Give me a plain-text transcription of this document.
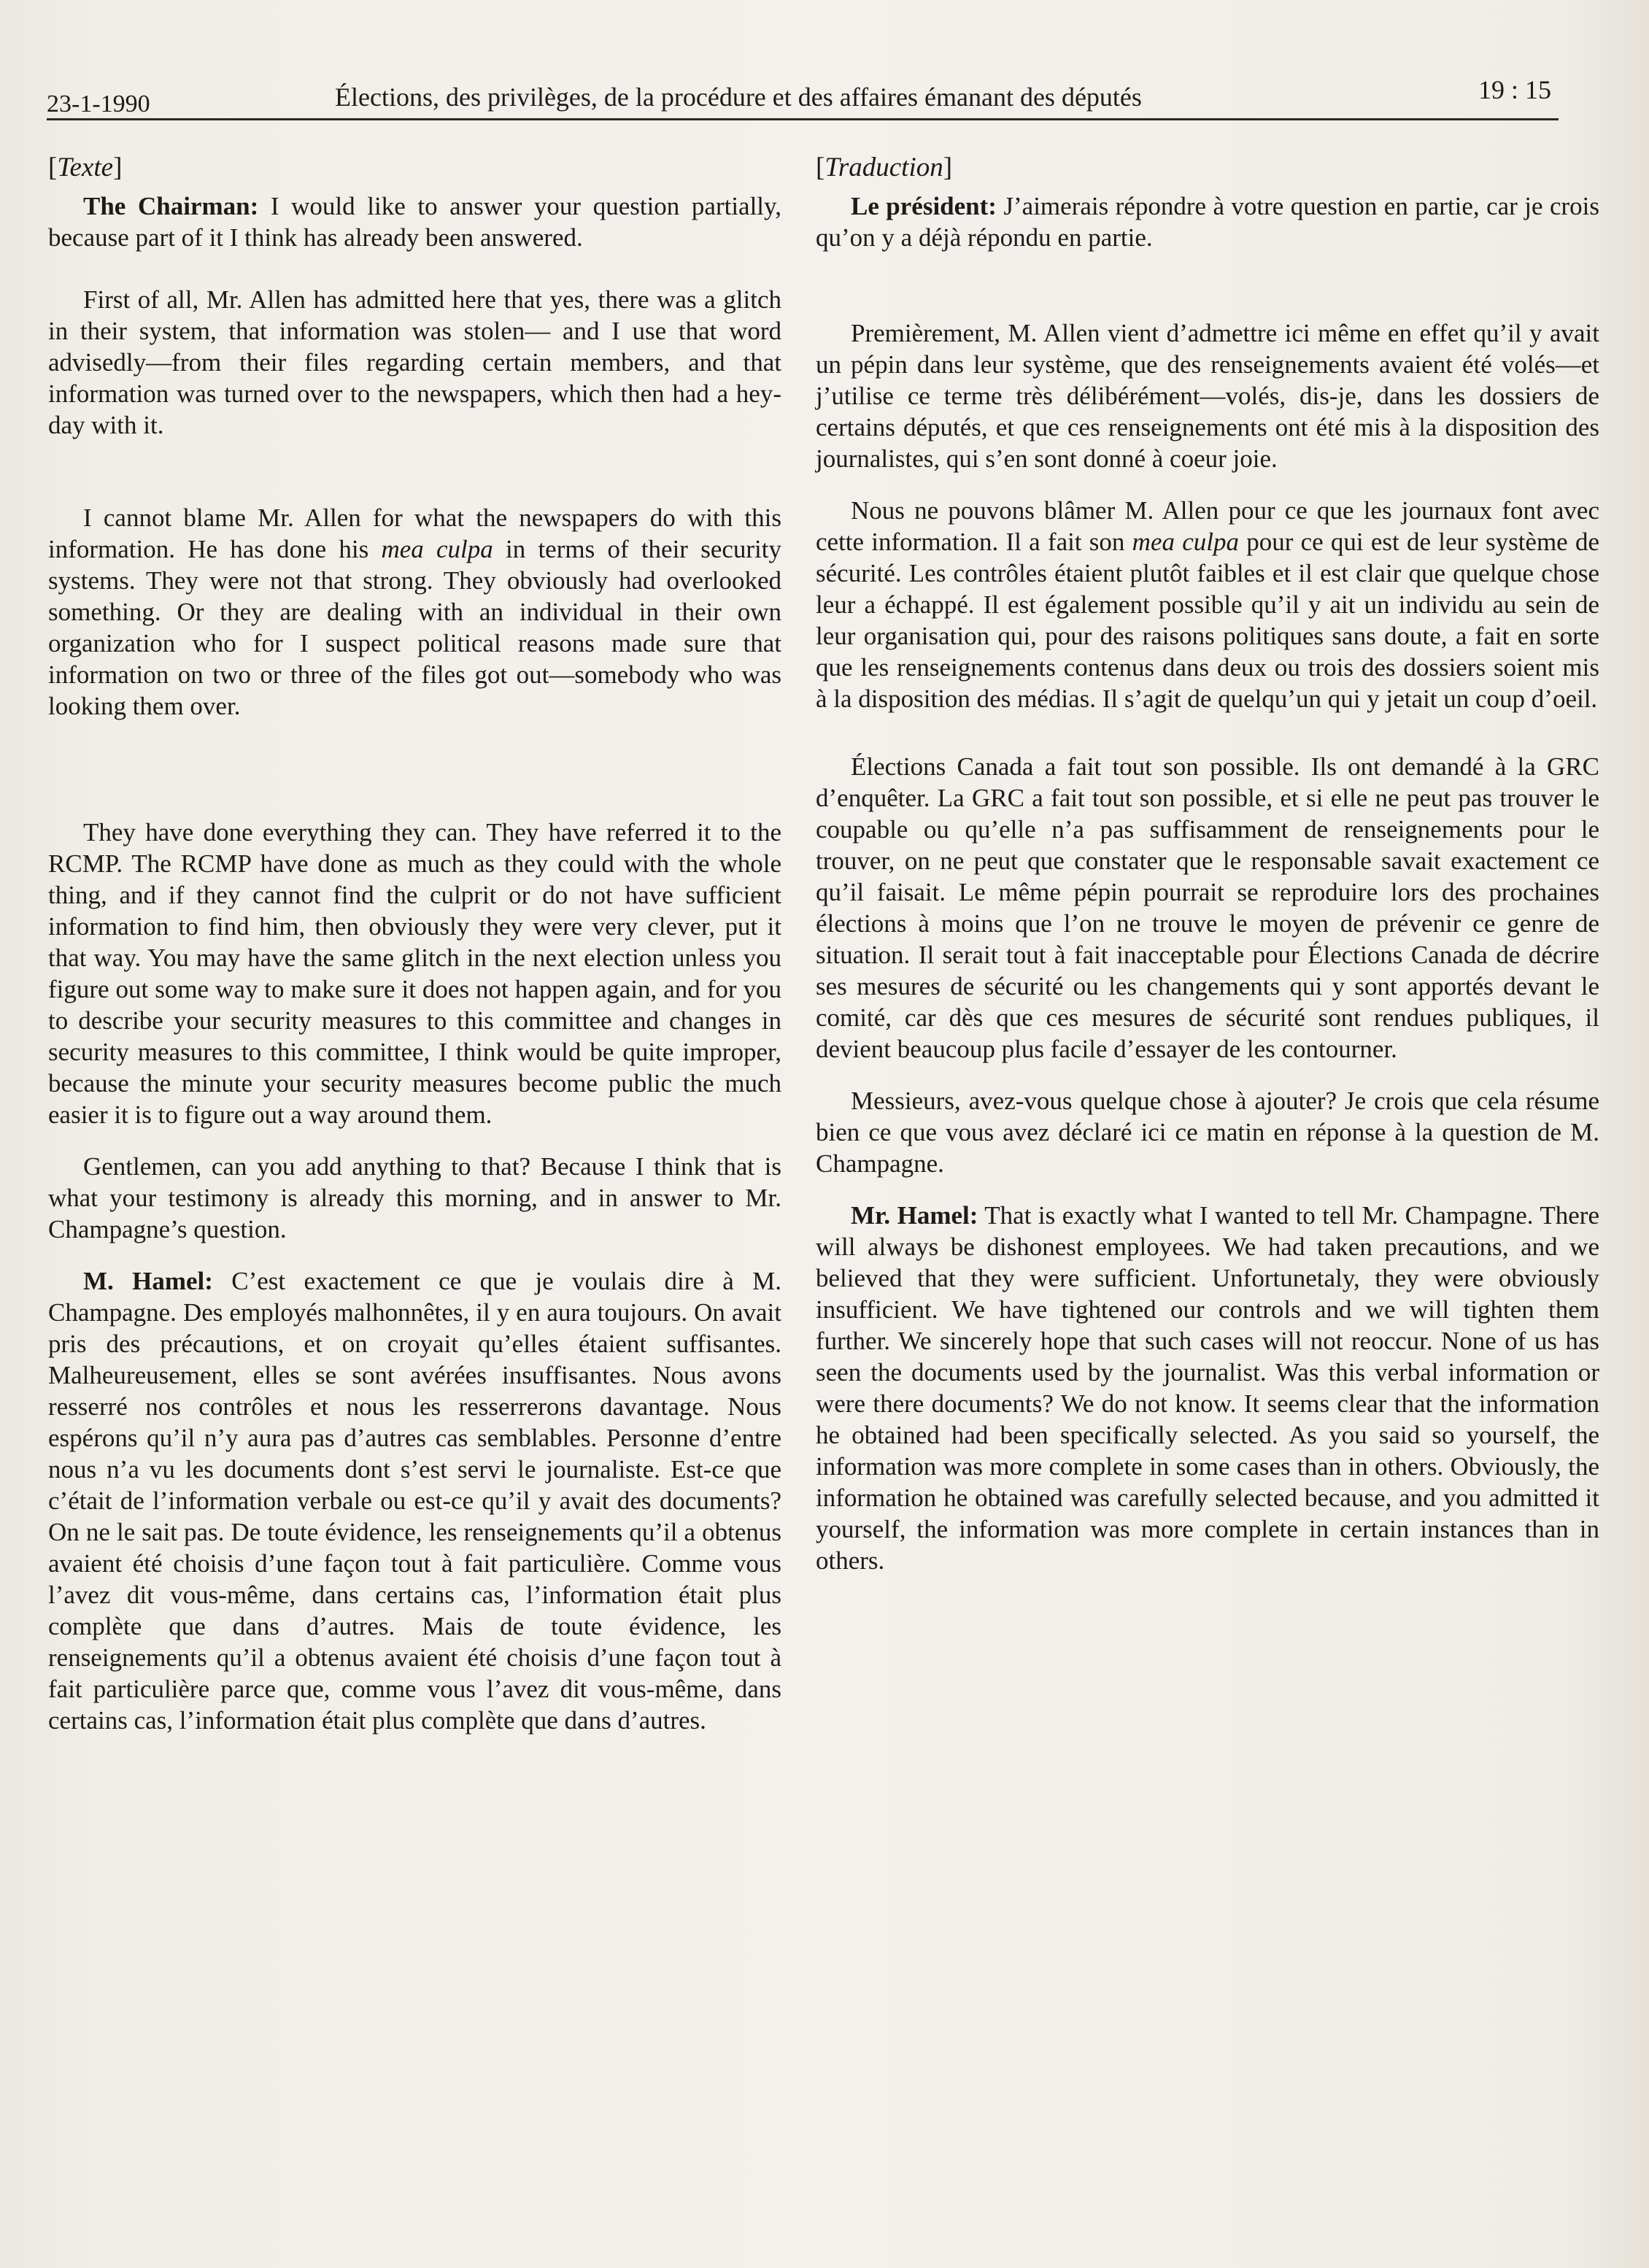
23-1-1990	Élections, des privilèges, de la procédure et des affaires émanant des députés	19 : 15
[Texte]

The Chairman: I would like to answer your question partially, because part of it I think has already been answered.

First of all, Mr. Allen has admitted here that yes, there was a glitch in their system, that information was stolen— and I use that word advisedly—from their files regarding certain members, and that information was turned over to the newspapers, which then had a hey-day with it.

I cannot blame Mr. Allen for what the newspapers do with this information. He has done his mea culpa in terms of their security systems. They were not that strong. They obviously had overlooked something. Or they are dealing with an individual in their own organization who for I suspect political reasons made sure that information on two or three of the files got out—somebody who was looking them over.

They have done everything they can. They have referred it to the RCMP. The RCMP have done as much as they could with the whole thing, and if they cannot find the culprit or do not have sufficient information to find him, then obviously they were very clever, put it that way. You may have the same glitch in the next election unless you figure out some way to make sure it does not happen again, and for you to describe your security measures to this committee and changes in security measures to this committee, I think would be quite improper, because the minute your security measures become public the much easier it is to figure out a way around them.

Gentlemen, can you add anything to that? Because I think that is what your testimony is already this morning, and in answer to Mr. Champagne’s question.

M. Hamel: C’est exactement ce que je voulais dire à M. Champagne. Des employés malhonnêtes, il y en aura toujours. On avait pris des précautions, et on croyait qu’elles étaient suffisantes. Malheureusement, elles se sont avérées insuffisantes. Nous avons resserré nos contrôles et nous les resserrerons davantage. Nous espérons qu’il n’y aura pas d’autres cas semblables. Personne d’entre nous n’a vu les documents dont s’est servi le journaliste. Est-ce que c’était de l’information verbale ou est-ce qu’il y avait des documents? On ne le sait pas. De toute évidence, les renseignements qu’il a obtenus avaient été choisis d’une façon tout à fait particulière. Comme vous l’avez dit vous-même, dans certains cas, l’information était plus complète que dans d’autres. Mais de toute évidence, les renseignements qu’il a obtenus avaient été choisis d’une façon tout à fait particulière parce que, comme vous l’avez dit vous-même, dans certains cas, l’information était plus complète que dans d’autres.

[Traduction]

Le président: J’aimerais répondre à votre question en partie, car je crois qu’on y a déjà répondu en partie.

Premièrement, M. Allen vient d’admettre ici même en effet qu’il y avait un pépin dans leur système, que des renseignements avaient été volés—et j’utilise ce terme très délibérément—volés, dis-je, dans les dossiers de certains députés, et que ces renseignements ont été mis à la disposition des journalistes, qui s’en sont donné à coeur joie.

Nous ne pouvons blâmer M. Allen pour ce que les journaux font avec cette information. Il a fait son mea culpa pour ce qui est de leur système de sécurité. Les contrôles étaient plutôt faibles et il est clair que quelque chose leur a échappé. Il est également possible qu’il y ait un individu au sein de leur organisation qui, pour des raisons politiques sans doute, a fait en sorte que les renseignements contenus dans deux ou trois des dossiers soient mis à la disposition des médias. Il s’agit de quelqu’un qui y jetait un coup d’oeil.

Élections Canada a fait tout son possible. Ils ont demandé à la GRC d’enquêter. La GRC a fait tout son possible, et si elle ne peut pas trouver le coupable ou qu’elle n’a pas suffisamment de renseignements pour le trouver, on ne peut que constater que le responsable savait exactement ce qu’il faisait. Le même pépin pourrait se reproduire lors des prochaines élections à moins que l’on ne trouve le moyen de prévenir ce genre de situation. Il serait tout à fait inacceptable pour Élections Canada de décrire ses mesures de sécurité ou les changements qui y sont apportés devant le comité, car dès que ces mesures de sécurité sont rendues publiques, il devient beaucoup plus facile d’essayer de les contourner.

Messieurs, avez-vous quelque chose à ajouter? Je crois que cela résume bien ce que vous avez déclaré ici ce matin en réponse à la question de M. Champagne.

Mr. Hamel: That is exactly what I wanted to tell Mr. Champagne. There will always be dishonest employees. We had taken precautions, and we believed that they were sufficient. Unfortunetaly, they were obviously insufficient. We have tightened our controls and we will tighten them further. We sincerely hope that such cases will not reoccur. None of us has seen the documents used by the journalist. Was this verbal information or were there documents? We do not know. It seems clear that the information he obtained had been specifically selected. As you said so yourself, the information was more complete in some cases than in others. Obviously, the information he obtained was carefully selected because, and you admitted it yourself, the information was more complete in certain instances than in others.
